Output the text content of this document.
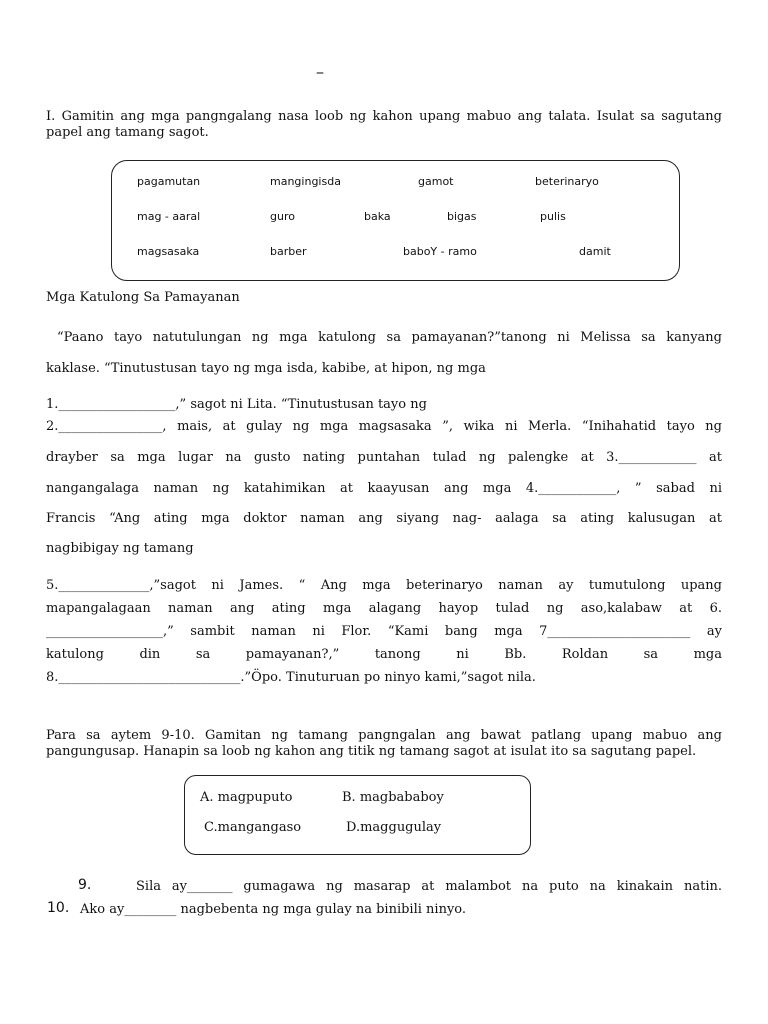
–
I. Gamitin ang mga pangngalang nasa loob ng kahon upang mabuo ang talata. Isulat sa sagutang papel ang tamang sagot.
pagamutan	mangingisda	gamot	beterinaryo
mag - aaral	guro	baka	bigas	pulis
magsasaka	barber	baboY - ramo	damit
Mga Katulong Sa Pamayanan
“Paano tayo natutulungan ng mga katulong sa pamayanan?”tanong ni Melissa sa kanyang
kaklase. “Tinutustusan tayo ng mga isda, kabibe, at hipon, ng mga
1.__________________,” sagot ni Lita. “Tinutustusan tayo ng
2.________________, mais, at gulay ng mga magsasaka ”, wika ni Merla. “Inihahatid tayo ng
drayber sa mga lugar na gusto nating puntahan tulad ng palengke at 3.____________ at
nangangalaga naman ng katahimikan at kaayusan ang mga 4.____________, ” sabad ni
Francis “Ang ating mga doktor naman ang siyang nag- aalaga sa ating kalusugan at
nagbibigay ng tamang
5.______________,”sagot ni James. “ Ang mga beterinaryo naman ay tumutulong upang
mapangalagaan naman ang ating mga alagang hayop tulad ng aso,kalabaw at 6.
__________________,” sambit naman ni Flor. “Kami bang mga 7______________________ ay
katulong din sa pamayanan?,” tanong ni Bb. Roldan sa mga
8.____________________________.”Öpo. Tinuturuan po ninyo kami,”sagot nila.
Para sa aytem 9-10. Gamitan ng tamang pangngalan ang bawat patlang upang mabuo ang pangungusap. Hanapin sa loob ng kahon ang titik ng tamang sagot at isulat ito sa sagutang papel.
A. magpuputo	B. magbababoy
C.mangangaso	D.maggugulay
9.	Sila ay_______ gumagawa ng masarap at malambot na puto na kinakain natin.
10. Ako ay________ nagbebenta ng mga gulay na binibili ninyo.
